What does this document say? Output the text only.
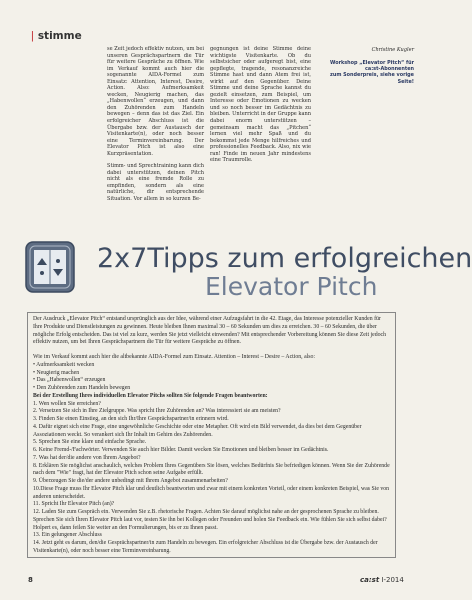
❘stimme

se Zeit jedoch effektiv nutzen, um bei unseren Gesprächspartnern die Tür für weitere Gespräche zu öffnen. Wie im Verkauf kommt auch hier die sogenannte AIDA-Formel zum Einsatz: Attention, Interest, Desire, Action. Also: Aufmerksamkeit wecken, Neugierig machen, das „Habenwollen“ erzeugen, und dann den Zuhörenden zum Handeln bewegen – denn das ist das Ziel. Ein erfolgreicher Abschluss ist die Übergabe bzw. der Austausch der Visitenkarte(n), oder noch besser eine Terminvereinbarung. Der Elevator Pitch ist also eine Kurzpräsentation.

Stimm- und Sprechtraining kann dich dabei unterstützen, deinen Pitch nicht als eine fremde Rolle zu empfinden, sondern als eine natürliche, dir entsprechende Situation. Vor allem in so kurzen Be-

gegnungen ist deine Stimme deine wichtigste Visitenkarte. Ob du selbstsicher oder aufgeregt bist, eine gepflegte, tragende, resonanzreiche Stimme hast und dann Atem frei ist, wirkt auf den Gegenüber. Deine Stimme und deine Sprache kannst du gezielt einsetzen, zum Beispiel, um Interesse oder Emotionen zu wecken und so noch besser im Gedächtnis zu bleiben. Unterricht in der Gruppe kann dabei enorm unterstützen – gemeinsam macht das „Pitchen“ lernen viel mehr Spaß und du bekommst jede Menge hilfreiches und professionelles Feedback. Also, nix wie ran! Finde im neuen Jahr mindestens eine Traumrolle.

Christine Kugler
Workshop „Elevator Pitch“ für ca:st-Abonnenten
zum Sonderpreis, siehe vorige Seite!
2x7Tipps zum erfolgreichen
Elevator Pitch

Der Ausdruck „Elevator Pitch“ entstand ursprünglich aus der Idee, während einer Aufzugsfahrt in die 42. Etage, das Interesse potenzieller Kunden für Ihre Produkte und Dienstleistungen zu gewinnen. Heute bleiben Ihnen maximal 30 – 60 Sekunden um dies zu erreichen. 30 – 60 Sekunden, die über mögliche Erfolg entscheiden. Das ist viel zu kurz, werden Sie jetzt vielleicht einwenden? Mit entsprechender Vorbereitung können Sie diese Zeit jedoch effektiv nutzen, um bei Ihren Gesprächspartnern die Tür für weitere Gespräche zu öffnen.

Wie im Verkauf kommt auch hier die altbekannte AIDA-Formel zum Einsatz. Attention – Interest – Desire – Action, also:

• Aufmerksamkeit wecken

• Neugierig machen

• Das „Habenwollen“ erzeugen

• Den Zuhörenden zum Handeln bewegen

Bei der Erstellung Ihres individuellen Elevator Pitchs sollten Sie folgende Fragen beantworten:

1. Wen wollen Sie erreichen?

2. Versetzen Sie sich in Ihre Zielgruppe. Was spricht Ihre Zuhörenden an? Was interessiert sie am meisten?

3. Finden Sie einen Einstieg, an den sich Ihr/Ihre Gesprächspartner/in erinnern wird.

4. Dafür eignet sich eine Frage, eine ungewöhnliche Geschichte oder eine Metapher. Oft wird ein Bild verwendet, da dies bei dem Gegenüber Assoziationen weckt. So verankert sich Ihr Inhalt im Gehirn des Zuhörenden.

5. Sprechen Sie eine klare und einfache Sprache.

6. Keine Fremd-/Fachwörter. Verwenden Sie auch hier Bilder. Damit wecken Sie Emotionen und bleiben besser im Gedächtnis.

7. Was hat der/die andere von Ihrem Angebot?

8. Erklären Sie möglichst anschaulich, welches Problem Ihres Gegenübers Sie lösen, welches Bedürfnis Sie befriedigen können. Wenn Sie der Zuhörende nach dem "Wie" fragt, hat der Elevator Pitch schon seine Aufgabe erfüllt.

9. Überzeugen Sie die/der andere unbedingt mit Ihrem Angebot zusammenarbeiten?

10.Diese Frage muss Ihr Elevator Pitch klar und deutlich beantworten und zwar mit einem konkreten Vorteil, oder einem konkreten Beispiel, was Sie von anderen unterscheidet.

11. Spricht Ihr Elevator Pitch (an)?

12. Laden Sie zum Gespräch ein. Verwenden Sie z.B. rhetorische Fragen. Achten Sie darauf möglichst nahe an der gesprochenen Sprache zu bleiben. Sprechen Sie sich Ihren Elevator Pitch laut vor, testen Sie ihn bei Kollegen oder Freunden und holen Sie Feedback ein. Wie fühlen Sie sich selbst dabei? Holpert es, dann feilen Sie weiter an den Formulierungen, bis er zu Ihnen passt.

13. Ein gelungener Abschluss

14. Jetzt geht es darum, den/die Gesprächspartner/in zum Handeln zu bewegen. Ein erfolgreicher Abschluss ist die Übergabe bzw. der Austausch der Visitenkarte(n), oder noch besser eine Terminvereinbarung.

8	ca:st I-2014
